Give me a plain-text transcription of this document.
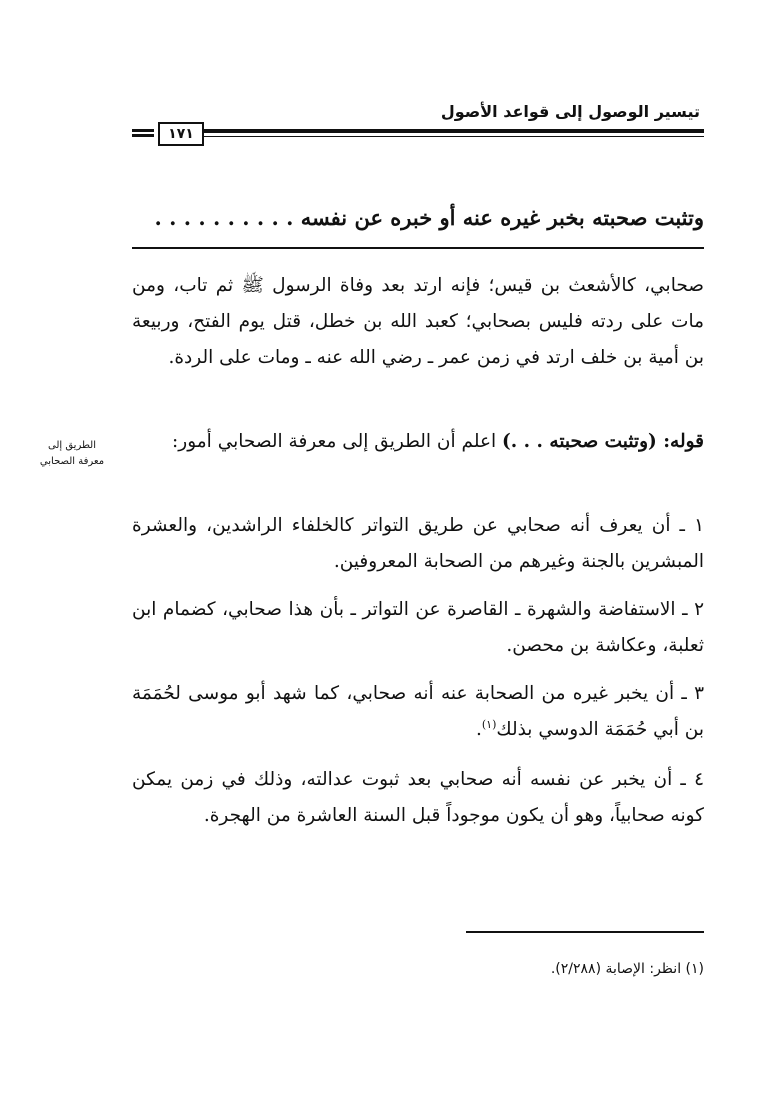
تيسير الوصول إلى قواعد الأصول
١٧١
وتثبت صحبته بخبر غيره عنه أو خبره عن نفسه . . . . . . . . . .
صحابي، كالأشعث بن قيس؛ فإنه ارتد بعد وفاة الرسول ﷺ ثم تاب، ومن مات على ردته فليس بصحابي؛ كعبد الله بن خطل، قتل يوم الفتح، وربيعة بن أمية بن خلف ارتد في زمن عمر ـ رضي الله عنه ـ ومات على الردة.
قوله: (وتثبت صحبته . . .) اعلم أن الطريق إلى معرفة الصحابي أمور:
الطريق إلى
معرفة الصحابي
١ ـ أن يعرف أنه صحابي عن طريق التواتر كالخلفاء الراشدين، والعشرة المبشرين بالجنة وغيرهم من الصحابة المعروفين.
٢ ـ الاستفاضة والشهرة ـ القاصرة عن التواتر ـ بأن هذا صحابي، كضمام ابن ثعلبة، وعكاشة بن محصن.
٣ ـ أن يخبر غيره من الصحابة عنه أنه صحابي، كما شهد أبو موسى لحُمَمَة بن أبي حُمَمَة الدوسي بذلك$^{(١)}$.
٤ ـ أن يخبر عن نفسه أنه صحابي بعد ثبوت عدالته، وذلك في زمن يمكن كونه صحابياً، وهو أن يكون موجوداً قبل السنة العاشرة من الهجرة.
(١) انظر: الإصابة (٢/٢٨٨).
